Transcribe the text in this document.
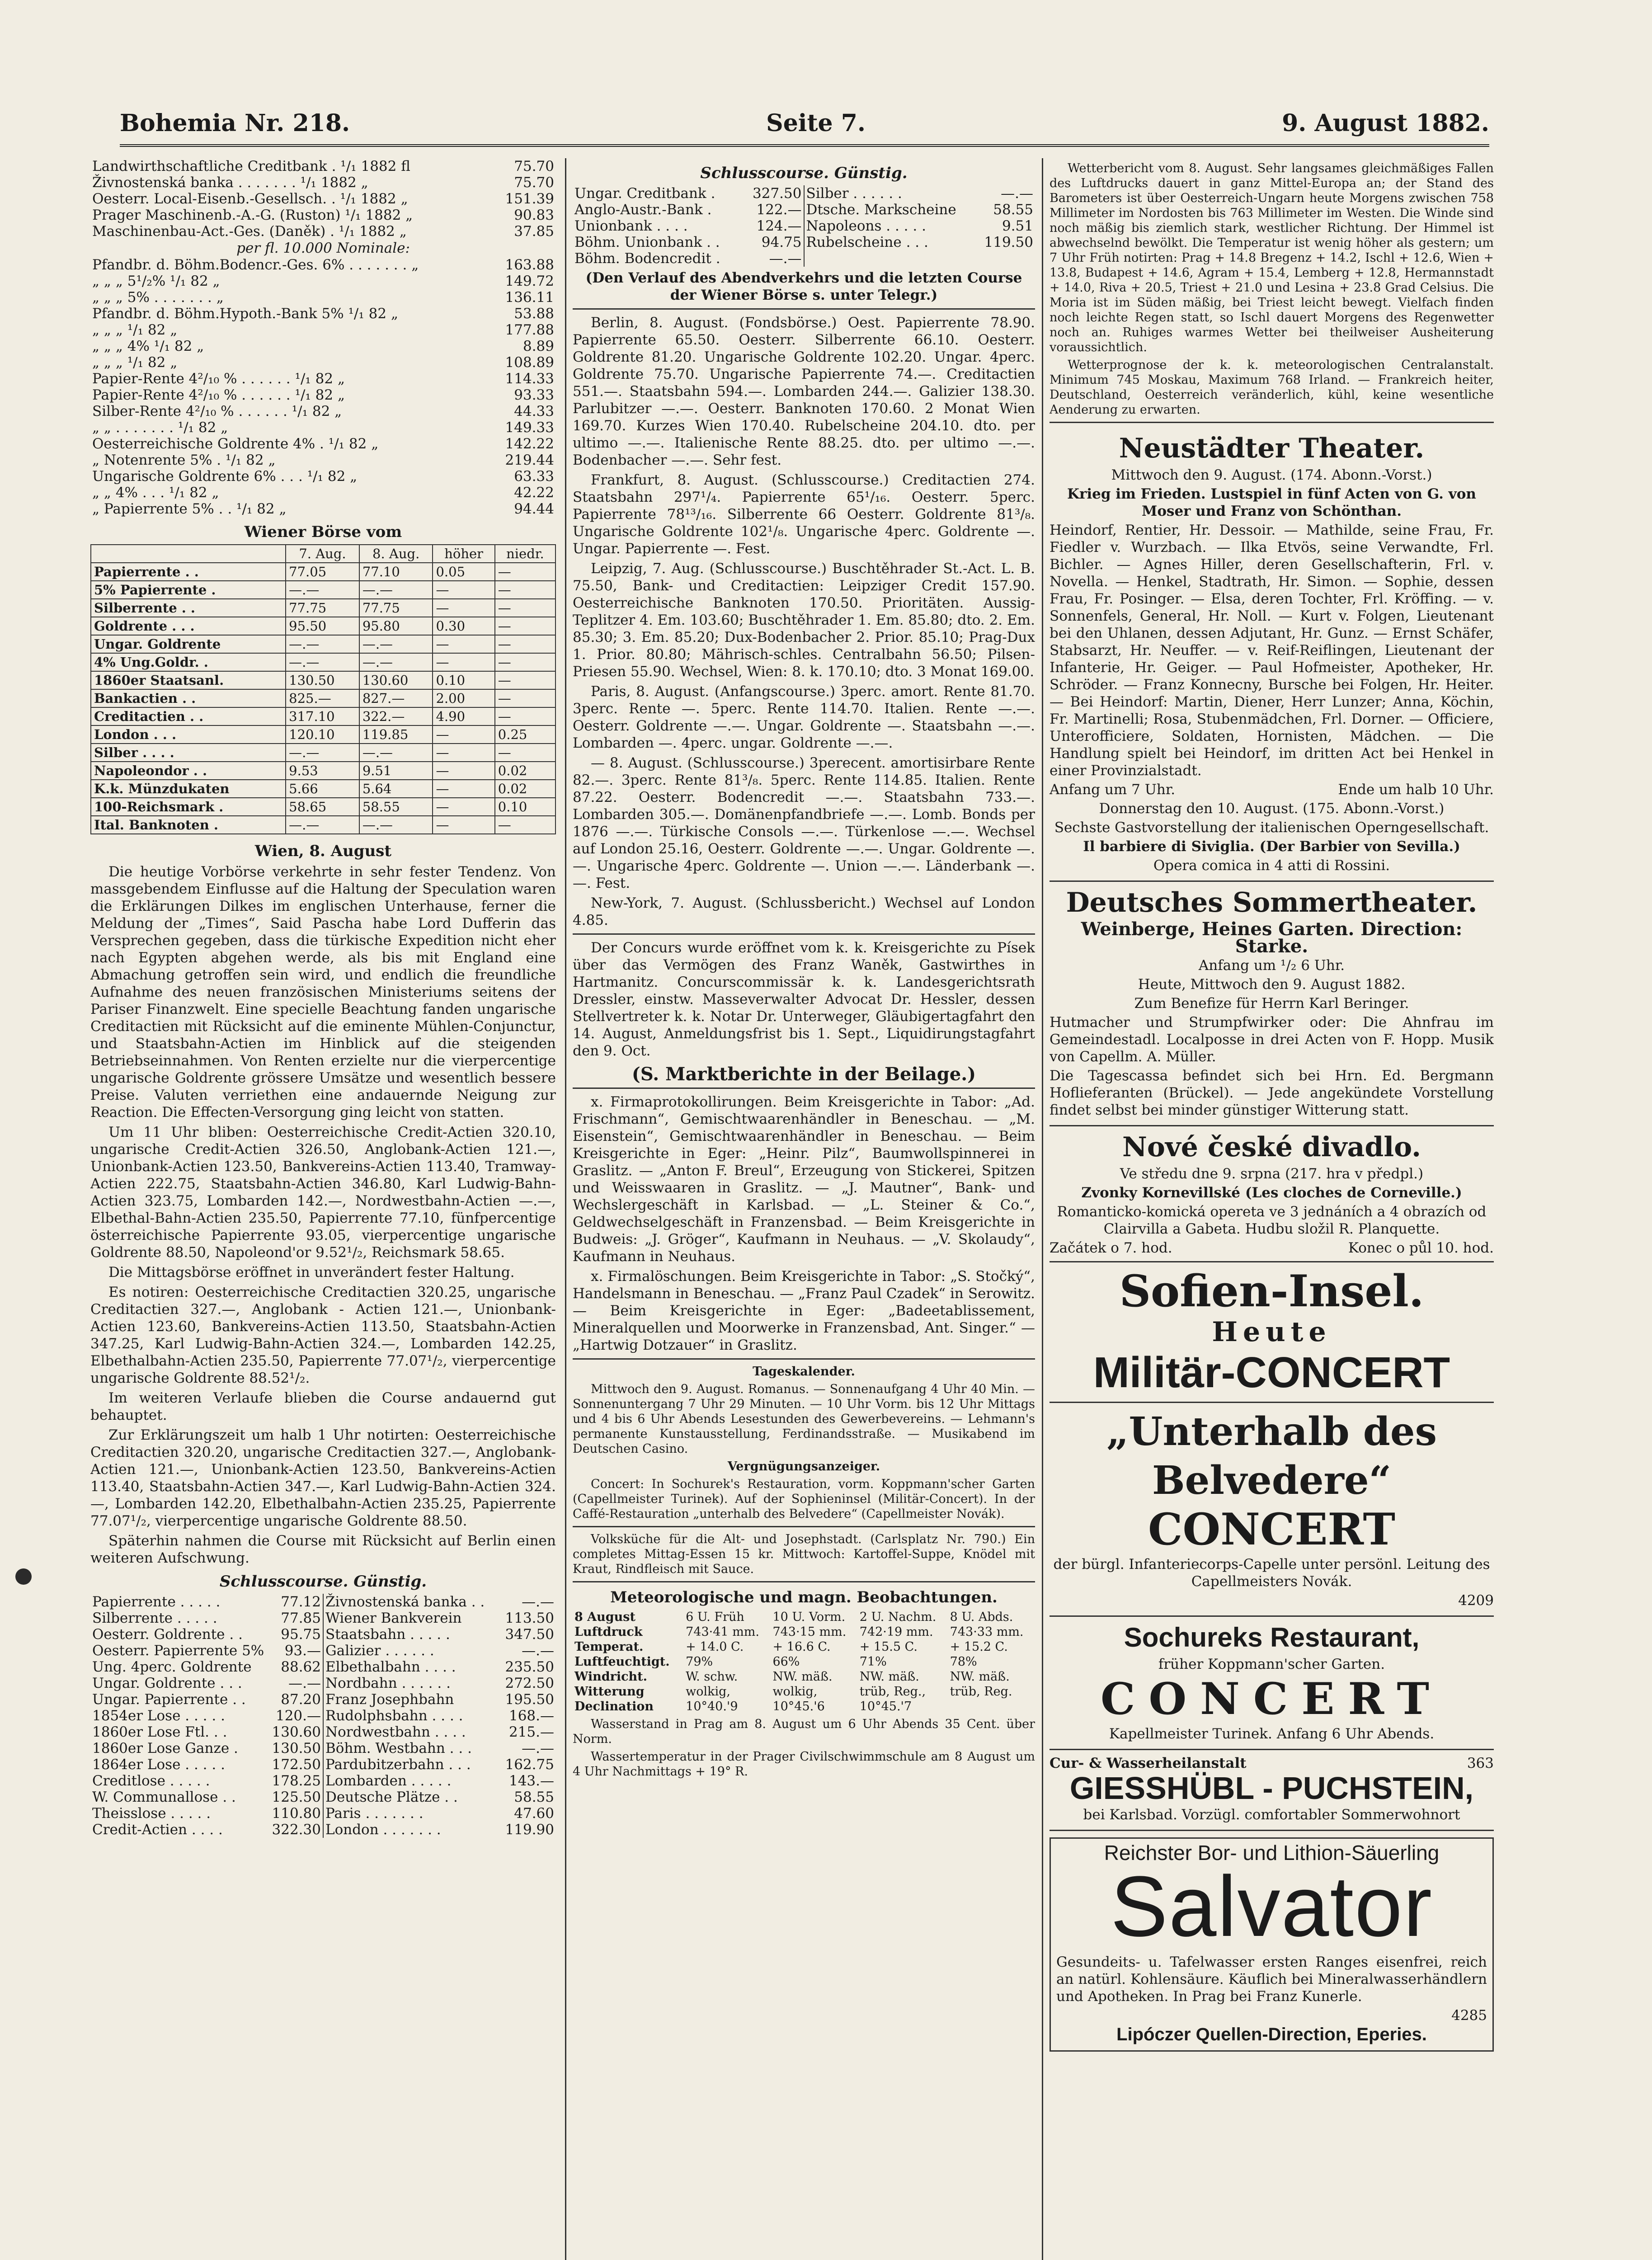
Bohemia Nr. 218.	Seite 7.	9. August 1882.
Landwirthschaftliche Creditbank . ¹/₁ 1882 fl	75.70
Živnostenská banka . . . . . . . ¹/₁ 1882 „	75.70
Oesterr. Local-Eisenb.-Gesellsch. . ¹/₁ 1882 „	151.39
Prager Maschinenb.-A.-G. (Ruston) ¹/₁ 1882 „	90.83
Maschinenbau-Act.-Ges. (Daněk) . ¹/₁ 1882 „	37.85
per fl. 10.000 Nominale:
Pfandbr. d. Böhm.Bodencr.-Ges. 6% . . . . . . . „	163.88
„ „ „ 5¹/₂% ¹/₁ 82 „	149.72
„ „ „ 5% . . . . . . . „	136.11
Pfandbr. d. Böhm.Hypoth.-Bank 5% ¹/₁ 82 „	53.88
„ „ „ ¹/₁ 82 „	177.88
„ „ „ 4% ¹/₁ 82 „	8.89
„ „ „ ¹/₁ 82 „	108.89
Papier-Rente 4²/₁₀ % . . . . . . ¹/₁ 82 „	114.33
Papier-Rente 4²/₁₀ % . . . . . . ¹/₁ 82 „	93.33
Silber-Rente 4²/₁₀ % . . . . . . ¹/₁ 82 „	44.33
„ „ . . . . . . . ¹/₁ 82 „	149.33
Oesterreichische Goldrente 4% . ¹/₁ 82 „	142.22
„ Notenrente 5% . ¹/₁ 82 „	219.44
Ungarische Goldrente 6% . . . ¹/₁ 82 „	63.33
„ „ 4% . . . ¹/₁ 82 „	42.22
„ Papierrente 5% . . ¹/₁ 82 „	94.44
Wiener Börse vom
	7. Aug.	8. Aug.	höher	niedr.
Papierrente . .	77.05	77.10	0.05	—
5% Papierrente .	—.—	—.—	—	—
Silberrente . .	77.75	77.75	—	—
Goldrente . . .	95.50	95.80	0.30	—
Ungar. Goldrente	—.—	—.—	—	—
4% Ung.Goldr. .	—.—	—.—	—	—
1860er Staatsanl.	130.50	130.60	0.10	—
Bankactien . .	825.—	827.—	2.00	—
Creditactien . .	317.10	322.—	4.90	—
London . . .	120.10	119.85	—	0.25
Silber . . . .	—.—	—.—	—	—
Napoleondor . .	9.53	9.51	—	0.02
K.k. Münzdukaten	5.66	5.64	—	0.02
100-Reichsmark .	58.65	58.55	—	0.10
Ital. Banknoten .	—.—	—.—	—	—
Wien, 8. August

Die heutige Vorbörse verkehrte in sehr fester Tendenz. Von massgebendem Einflusse auf die Haltung der Speculation waren die Erklärungen Dilkes im englischen Unterhause, ferner die Meldung der „Times“, Said Pascha habe Lord Dufferin das Versprechen gegeben, dass die türkische Expedition nicht eher nach Egypten abgehen werde, als bis mit England eine Abmachung getroffen sein wird, und endlich die freundliche Aufnahme des neuen französischen Ministeriums seitens der Pariser Finanzwelt. Eine specielle Beachtung fanden ungarische Creditactien mit Rücksicht auf die eminente Mühlen-Conjunctur, und Staatsbahn-Actien im Hinblick auf die steigenden Betriebseinnahmen. Von Renten erzielte nur die vierpercentige ungarische Goldrente grössere Umsätze und wesentlich bessere Preise. Valuten verriethen eine andauernde Neigung zur Reaction. Die Effecten-Versorgung ging leicht von statten.

Um 11 Uhr bliben: Oesterreichische Credit-Actien 320.10, ungarische Credit-Actien 326.50, Anglobank-Actien 121.—, Unionbank-Actien 123.50, Bankvereins-Actien 113.40, Tramway-Actien 222.75, Staatsbahn-Actien 346.80, Karl Ludwig-Bahn-Actien 323.75, Lombarden 142.—, Nordwestbahn-Actien —.—, Elbethal-Bahn-Actien 235.50, Papierrente 77.10, fünfpercentige österreichische Papierrente 93.05, vierpercentige ungarische Goldrente 88.50, Napoleond'or 9.52¹/₂, Reichsmark 58.65.

Die Mittagsbörse eröffnet in unverändert fester Haltung.

Es notiren: Oesterreichische Creditactien 320.25, ungarische Creditactien 327.—, Anglobank - Actien 121.—, Unionbank-Actien 123.60, Bankvereins-Actien 113.50, Staatsbahn-Actien 347.25, Karl Ludwig-Bahn-Actien 324.—, Lombarden 142.25, Elbethalbahn-Actien 235.50, Papierrente 77.07¹/₂, vierpercentige ungarische Goldrente 88.52¹/₂.

Im weiteren Verlaufe blieben die Course andauernd gut behauptet.

Zur Erklärungszeit um halb 1 Uhr notirten: Oesterreichische Creditactien 320.20, ungarische Creditactien 327.—, Anglobank-Actien 121.—, Unionbank-Actien 123.50, Bankvereins-Actien 113.40, Staatsbahn-Actien 347.—, Karl Ludwig-Bahn-Actien 324.—, Lombarden 142.20, Elbethalbahn-Actien 235.25, Papierrente 77.07¹/₂, vierpercentige ungarische Goldrente 88.50.

Späterhin nahmen die Course mit Rücksicht auf Berlin einen weiteren Aufschwung.

Schlusscourse. Günstig.
Papierrente . . . . .	77.12
Silberrente . . . . .	77.85
Oesterr. Goldrente . .	95.75
Oesterr. Papierrente 5%	93.—
Ung. 4perc. Goldrente	88.62
Ungar. Goldrente . . .	—.—
Ungar. Papierrente . .	87.20
1854er Lose . . . . .	120.—
1860er Lose Ftl. . .	130.60
1860er Lose Ganze .	130.50
1864er Lose . . . . .	172.50
Creditlose . . . . .	178.25
W. Communallose . .	125.50
Theisslose . . . . .	110.80
Credit-Actien . . . .	322.30
Živnostenská banka . .	—.—
Wiener Bankverein	113.50
Staatsbahn . . . . .	347.50
Galizier . . . . . .	—.—
Elbethalbahn . . . .	235.50
Nordbahn . . . . . .	272.50
Franz Josephbahn	195.50
Rudolphsbahn . . . .	168.—
Nordwestbahn . . . .	215.—
Böhm. Westbahn . . .	—.—
Pardubitzerbahn . . .	162.75
Lombarden . . . . .	143.—
Deutsche Plätze . .	58.55
Paris . . . . . . .	47.60
London . . . . . . .	119.90
Schlusscourse. Günstig.
Ungar. Creditbank .	327.50
Anglo-Austr.-Bank .	122.—
Unionbank . . . .	124.—
Böhm. Unionbank . .	94.75
Böhm. Bodencredit .	—.—
Silber . . . . . .	—.—
Dtsche. Markscheine	58.55
Napoleons . . . . .	9.51
Rubelscheine . . .	119.50

(Den Verlauf des Abendverkehrs und die letzten Course der Wiener Börse s. unter Telegr.)

Berlin, 8. August. (Fondsbörse.) Oest. Papierrente 78.90. Papierrente 65.50. Oesterr. Silberrente 66.10. Oesterr. Goldrente 81.20. Ungarische Goldrente 102.20. Ungar. 4perc. Goldrente 75.70. Ungarische Papierrente 74.—. Creditactien 551.—. Staatsbahn 594.—. Lombarden 244.—. Galizier 138.30. Parlubitzer —.—. Oesterr. Banknoten 170.60. 2 Monat Wien 169.70. Kurzes Wien 170.40. Rubelscheine 204.10. dto. per ultimo —.—. Italienische Rente 88.25. dto. per ultimo —.—. Bodenbacher —.—. Sehr fest.

Frankfurt, 8. August. (Schlusscourse.) Creditactien 274. Staatsbahn 297¹/₄. Papierrente 65¹/₁₆. Oesterr. 5perc. Papierrente 78¹³/₁₆. Silberrente 66 Oesterr. Goldrente 81³/₈. Ungarische Goldrente 102¹/₈. Ungarische 4perc. Goldrente —. Ungar. Papierrente —. Fest.

Leipzig, 7. Aug. (Schlusscourse.) Buschtěhrader St.-Act. L. B. 75.50, Bank- und Creditactien: Leipziger Credit 157.90. Oesterreichische Banknoten 170.50. Prioritäten. Aussig-Teplitzer 4. Em. 103.60; Buschtěhrader 1. Em. 85.80; dto. 2. Em. 85.30; 3. Em. 85.20; Dux-Bodenbacher 2. Prior. 85.10; Prag-Dux 1. Prior. 80.80; Mährisch-schles. Centralbahn 56.50; Pilsen-Priesen 55.90. Wechsel, Wien: 8. k. 170.10; dto. 3 Monat 169.00.

Paris, 8. August. (Anfangscourse.) 3perc. amort. Rente 81.70. 3perc. Rente —. 5perc. Rente 114.70. Italien. Rente —.—. Oesterr. Goldrente —.—. Ungar. Goldrente —. Staatsbahn —.—. Lombarden —. 4perc. ungar. Goldrente —.—.

— 8. August. (Schlusscourse.) 3perecent. amortisirbare Rente 82.—. 3perc. Rente 81³/₈. 5perc. Rente 114.85. Italien. Rente 87.22. Oesterr. Bodencredit —.—. Staatsbahn 733.—. Lombarden 305.—. Domänenpfandbriefe —.—. Lomb. Bonds per 1876 —.—. Türkische Consols —.—. Türkenlose —.—. Wechsel auf London 25.16, Oesterr. Goldrente —.—. Ungar. Goldrente —.—. Ungarische 4perc. Goldrente —. Union —.—. Länderbank —.—. Fest.

New-York, 7. August. (Schlussbericht.) Wechsel auf London 4.85.

Der Concurs wurde eröffnet vom k. k. Kreisgerichte zu Písek über das Vermögen des Franz Waněk, Gastwirthes in Hartmanitz. Concurscommissär k. k. Landesgerichtsrath Dressler, einstw. Masseverwalter Advocat Dr. Hessler, dessen Stellvertreter k. k. Notar Dr. Unterweger, Gläubigertagfahrt den 14. August, Anmeldungsfrist bis 1. Sept., Liquidirungstagfahrt den 9. Oct.

(S. Marktberichte in der Beilage.)

x. Firmaprotokollirungen. Beim Kreisgerichte in Tabor: „Ad. Frischmann“, Gemischtwaarenhändler in Beneschau. — „M. Eisenstein“, Gemischtwaarenhändler in Beneschau. — Beim Kreisgerichte in Eger: „Heinr. Pilz“, Baumwollspinnerei in Graslitz. — „Anton F. Breul“, Erzeugung von Stickerei, Spitzen und Weisswaaren in Graslitz. — „J. Mautner“, Bank- und Wechslergeschäft in Karlsbad. — „L. Steiner & Co.“, Geldwechselgeschäft in Franzensbad. — Beim Kreisgerichte in Budweis: „J. Gröger“, Kaufmann in Neuhaus. — „V. Skolaudy“, Kaufmann in Neuhaus.

x. Firmalöschungen. Beim Kreisgerichte in Tabor: „S. Stočký“, Handelsmann in Beneschau. — „Franz Paul Czadek“ in Serowitz. — Beim Kreisgerichte in Eger: „Badeetablissement, Mineralquellen und Moorwerke in Franzensbad, Ant. Singer.“ — „Hartwig Dotzauer“ in Graslitz.

Tageskalender.

Mittwoch den 9. August. Romanus. — Sonnenaufgang 4 Uhr 40 Min. — Sonnenuntergang 7 Uhr 29 Minuten. — 10 Uhr Vorm. bis 12 Uhr Mittags und 4 bis 6 Uhr Abends Lesestunden des Gewerbevereins. — Lehmann's permanente Kunstausstellung, Ferdinandsstraße. — Musikabend im Deutschen Casino.

Vergnügungsanzeiger.

Concert: In Sochurek's Restauration, vorm. Koppmann'scher Garten (Capellmeister Turinek). Auf der Sophieninsel (Militär-Concert). In der Caffé-Restauration „unterhalb des Belvedere“ (Capellmeister Novák).

Volksküche für die Alt- und Josephstadt. (Carlsplatz Nr. 790.) Ein completes Mittag-Essen 15 kr. Mittwoch: Kartoffel-Suppe, Knödel mit Kraut, Rindfleisch mit Sauce.

Meteorologische und magn. Beobachtungen.
8 August	6 U. Früh	10 U. Vorm.	2 U. Nachm.	8 U. Abds.
Luftdruck	743·41 mm.	743·15 mm.	742·19 mm.	743·33 mm.
Temperat.	+ 14.0 C.	+ 16.6 C.	+ 15.5 C.	+ 15.2 C.
Luftfeuchtigt.	79%	66%	71%	78%
Windricht.	W. schw.	NW. mäß.	NW. mäß.	NW. mäß.
Witterung	wolkig,	wolkig,	trüb, Reg.,	trüb, Reg.
Declination	10°40.'9	10°45.'6	10°45.'7	

Wasserstand in Prag am 8. August um 6 Uhr Abends 35 Cent. über Norm.

Wassertemperatur in der Prager Civilschwimmschule am 8 August um 4 Uhr Nachmittags + 19° R.

Wetterbericht vom 8. August. Sehr langsames gleichmäßiges Fallen des Luftdrucks dauert in ganz Mittel-Europa an; der Stand des Barometers ist über Oesterreich-Ungarn heute Morgens zwischen 758 Millimeter im Nordosten bis 763 Millimeter im Westen. Die Winde sind noch mäßig bis ziemlich stark, westlicher Richtung. Der Himmel ist abwechselnd bewölkt. Die Temperatur ist wenig höher als gestern; um 7 Uhr Früh notirten: Prag + 14.8 Bregenz + 14.2, Ischl + 12.6, Wien + 13.8, Budapest + 14.6, Agram + 15.4, Lemberg + 12.8, Hermannstadt + 14.0, Riva + 20.5, Triest + 21.0 und Lesina + 23.8 Grad Celsius. Die Moria ist im Süden mäßig, bei Triest leicht bewegt. Vielfach finden noch leichte Regen statt, so Ischl dauert Morgens des Regenwetter noch an. Ruhiges warmes Wetter bei theilweiser Ausheiterung voraussichtlich.

Wetterprognose der k. k. meteorologischen Centralanstalt. Minimum 745 Moskau, Maximum 768 Irland. — Frankreich heiter, Deutschland, Oesterreich veränderlich, kühl, keine wesentliche Aenderung zu erwarten.

Neustädter Theater.

Mittwoch den 9. August. (174. Abonn.-Vorst.)

Krieg im Frieden. Lustspiel in fünf Acten von G. von Moser und Franz von Schönthan.

Heindorf, Rentier, Hr. Dessoir. — Mathilde, seine Frau, Fr. Fiedler v. Wurzbach. — Ilka Etvös, seine Verwandte, Frl. Bichler. — Agnes Hiller, deren Gesellschafterin, Frl. v. Novella. — Henkel, Stadtrath, Hr. Simon. — Sophie, dessen Frau, Fr. Posinger. — Elsa, deren Tochter, Frl. Kröffing. — v. Sonnenfels, General, Hr. Noll. — Kurt v. Folgen, Lieutenant bei den Uhlanen, dessen Adjutant, Hr. Gunz. — Ernst Schäfer, Stabsarzt, Hr. Neuffer. — v. Reif-Reiflingen, Lieutenant der Infanterie, Hr. Geiger. — Paul Hofmeister, Apotheker, Hr. Schröder. — Franz Konnecny, Bursche bei Folgen, Hr. Heiter. — Bei Heindorf: Martin, Diener, Herr Lunzer; Anna, Köchin, Fr. Martinelli; Rosa, Stubenmädchen, Frl. Dorner. — Officiere, Unterofficiere, Soldaten, Hornisten, Mädchen. — Die Handlung spielt bei Heindorf, im dritten Act bei Henkel in einer Provinzialstadt.

Anfang um 7 Uhr.	Ende um halb 10 Uhr.

Donnerstag den 10. August. (175. Abonn.-Vorst.)

Sechste Gastvorstellung der italienischen Operngesellschaft.

Il barbiere di Siviglia. (Der Barbier von Sevilla.)

Opera comica in 4 atti di Rossini.

Deutsches Sommertheater.

Weinberge, Heines Garten. Direction: Starke.

Anfang um ¹/₂ 6 Uhr.

Heute, Mittwoch den 9. August 1882.

Zum Benefize für Herrn Karl Beringer.

Hutmacher und Strumpfwirker oder: Die Ahnfrau im Gemeindestadl. Localposse in drei Acten von F. Hopp. Musik von Capellm. A. Müller.

Die Tagescassa befindet sich bei Hrn. Ed. Bergmann Hoflieferanten (Brückel). — Jede angekündete Vorstellung findet selbst bei minder günstiger Witterung statt.

Nové české divadlo.

Ve středu dne 9. srpna (217. hra v předpl.)

Zvonky Kornevillské (Les cloches de Corneville.)

Romanticko-komická opereta ve 3 jednáních a 4 obrazích od Clairvilla a Gabeta. Hudbu složil R. Planquette.

Začátek o 7. hod.	Konec o půl 10. hod.
Sofien-Insel.
Heute
Militär-CONCERT
„Unterhalb des Belvedere“
CONCERT

der bürgl. Infanteriecorps-Capelle unter persönl. Leitung des Capellmeisters Novák.

4209

Sochureks Restaurant,

früher Koppmann'scher Garten.

CONCERT

Kapellmeister Turinek. Anfang 6 Uhr Abends.

Cur- & Wasserheilanstalt	363
GIESSHÜBL - PUCHSTEIN,

bei Karlsbad. Vorzügl. comfortabler Sommerwohnort

Reichster Bor- und Lithion-Säuerling
Salvator

Gesundeits- u. Tafelwasser ersten Ranges eisenfrei, reich an natürl. Kohlensäure. Käuflich bei Mineralwasserhändlern und Apotheken. In Prag bei Franz Kunerle.

4285

Lipóczer Quellen-Direction, Eperies.
